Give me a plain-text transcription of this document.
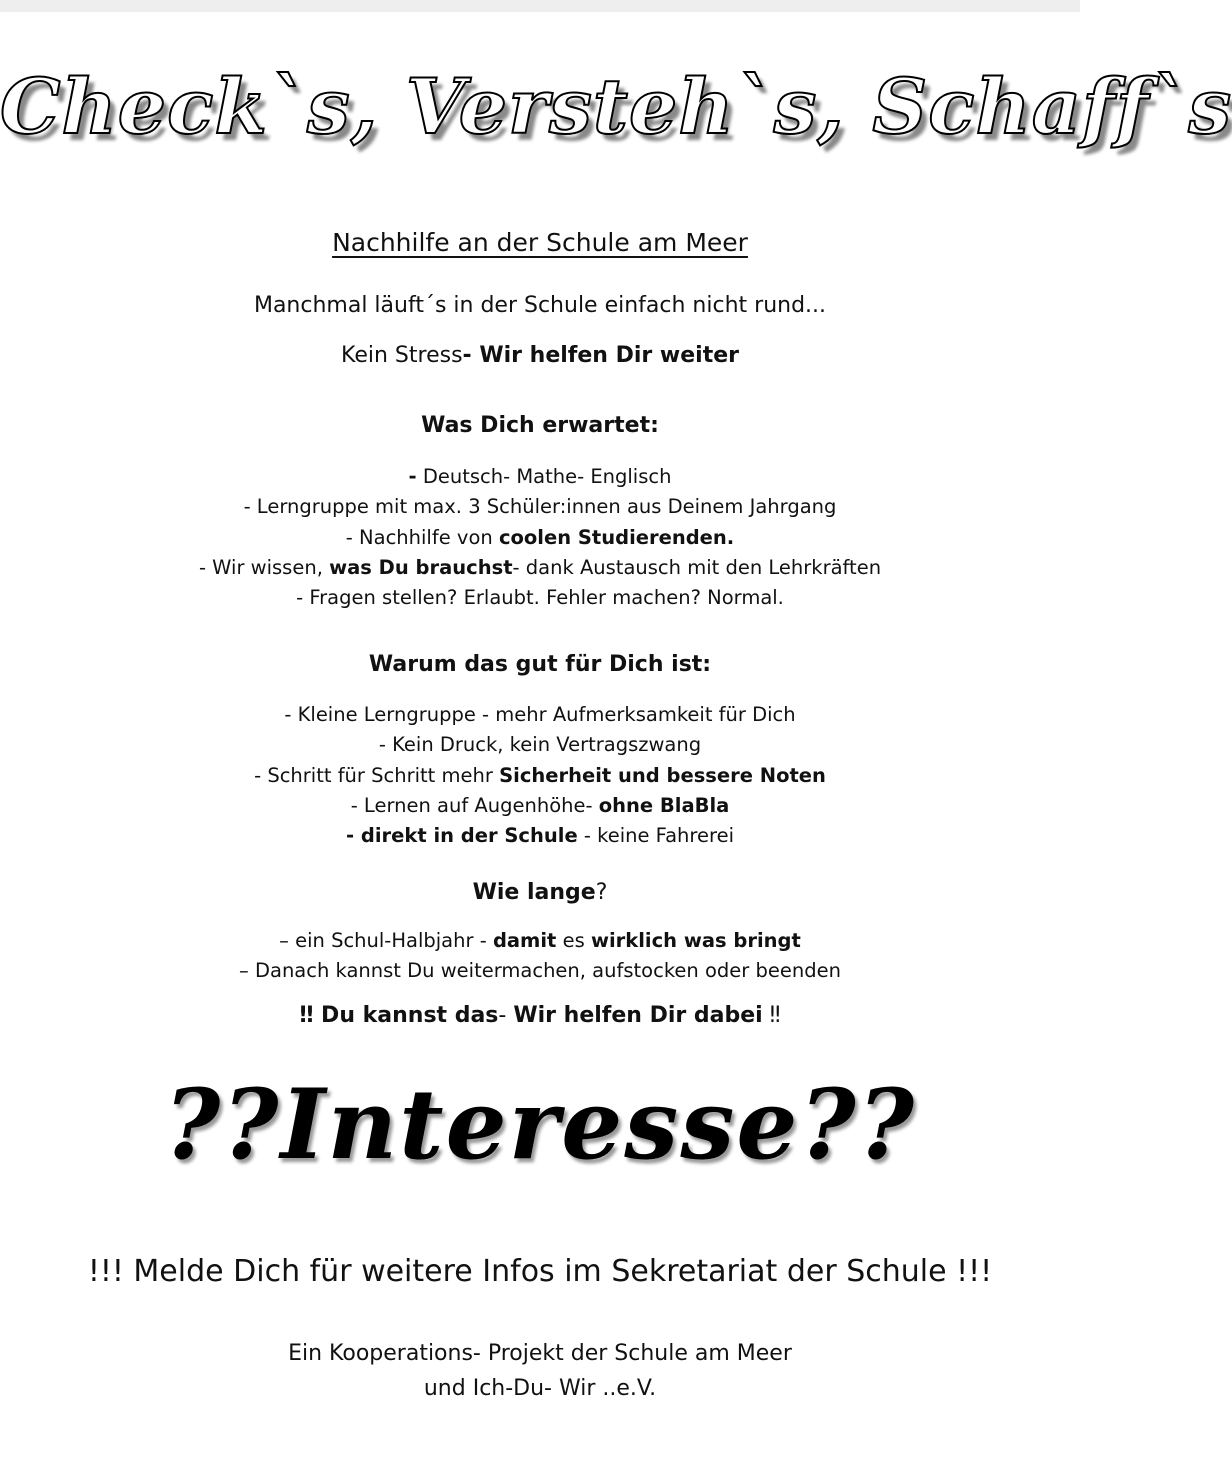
Check`s, Versteh`s, Schaff`s
Nachhilfe an der Schule am Meer
Manchmal läuft´s in der Schule einfach nicht rund...
Kein Stress- Wir helfen Dir weiter
Was Dich erwartet:
- Deutsch- Mathe- Englisch
- Lerngruppe mit max. 3 Schüler:innen aus Deinem Jahrgang
- Nachhilfe von coolen Studierenden.
- Wir wissen, was Du brauchst- dank Austausch mit den Lehrkräften
- Fragen stellen? Erlaubt. Fehler machen? Normal.
Warum das gut für Dich ist:
- Kleine Lerngruppe - mehr Aufmerksamkeit für Dich
- Kein Druck, kein Vertragszwang
- Schritt für Schritt mehr Sicherheit und bessere Noten
- Lernen auf Augenhöhe- ohne BlaBla
- direkt in der Schule - keine Fahrerei
Wie lange?
– ein Schul-Halbjahr - damit es wirklich was bringt
– Danach kannst Du weitermachen, aufstocken oder beenden
‼ Du kannst das- Wir helfen Dir dabei ‼
??Interesse??
!!! Melde Dich für weitere Infos im Sekretariat der Schule !!!
Ein Kooperations- Projekt der Schule am Meer
und Ich-Du- Wir ..e.V.
